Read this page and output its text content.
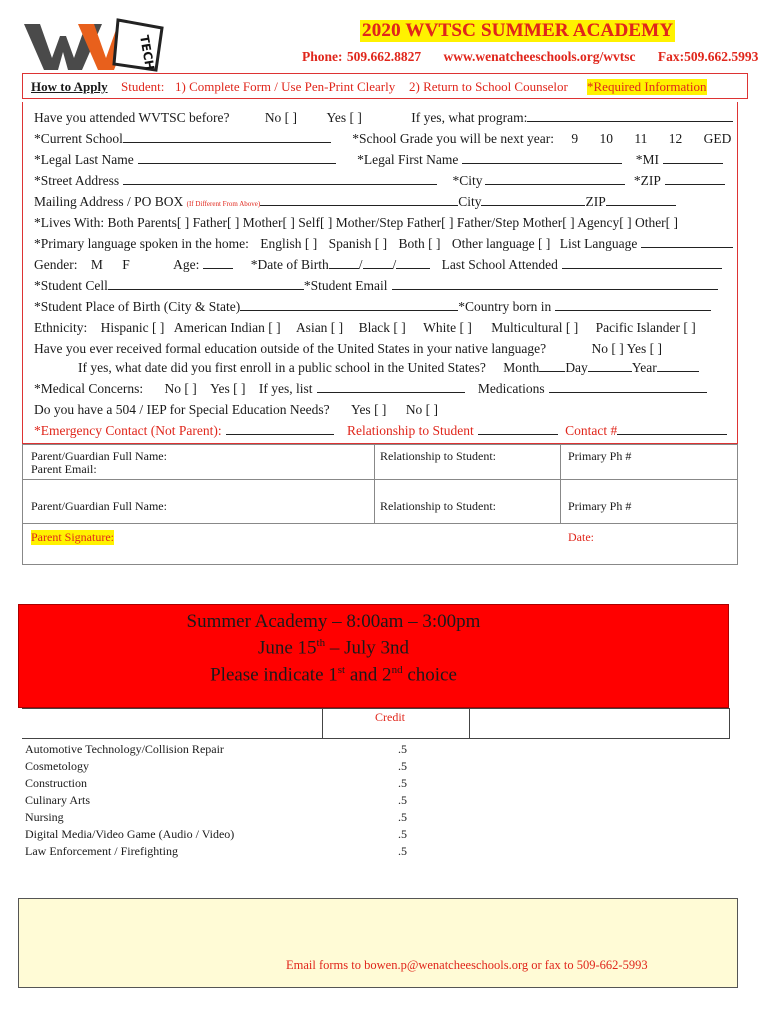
TECH
2020 WVTSC SUMMER ACADEMY
Phone: 509.662.8827 www.wenatcheeschools.org/wvtsc Fax:509.662.5993
How to Apply Student: 1) Complete Form / Use Pen-Print Clearly 2) Return to School Counselor *Required Information
Have you attended WVTSC before?	No [ ] Yes [ ]	If yes, what program:
*Current School	*School Grade you will be next year: 9 10 11 12 GED
*Legal Last Name	*Legal First Name	*MI
*Street Address	*City	*ZIP
Mailing Address / PO BOX (If Different From Above)	City	ZIP
*Lives With: Both Parents[ ] Father[ ] Mother[ ] Self[ ] Mother/Step Father[ ] Father/Step Mother[ ] Agency[ ] Other[ ]
*Primary language spoken in the home: English [ ] Spanish [ ] Both [ ] Other language [ ] List Language
Gender: M F	Age:	*Date of Birth / /	Last School Attended
*Student Cell	*Student Email
*Student Place of Birth (City & State)	*Country born in
Ethnicity: Hispanic [ ] American Indian [ ] Asian [ ] Black [ ] White [ ] Multicultural [ ] Pacific Islander [ ]
Have you ever received formal education outside of the United States in your native language?	No [ ] Yes [ ]
If yes, what date did you first enroll in a public school in the United States? Month Day	Year
*Medical Concerns: No [ ] Yes [ ] If yes, list	Medications
Do you have a 504 / IEP for Special Education Needs? Yes [ ] No [ ]
*Emergency Contact (Not Parent):	Relationship to Student	Contact #
Parent/Guardian Full Name:
Parent Email:
Relationship to Student:	Primary Ph #
Parent/Guardian Full Name:	Relationship to Student:	Primary Ph #
Parent Signature:	Date:
Summer Academy – 8:00am – 3:00pm
June 15th – July 3nd
Please indicate 1st and 2nd choice
Credit
Automotive Technology/Collision Repair	.5
Cosmetology	.5
Construction	.5
Culinary Arts	.5
Nursing	.5
Digital Media/Video Game (Audio / Video)	.5
Law Enforcement / Firefighting	.5
Email forms to bowen.p@wenatcheeschools.org or fax to 509-662-5993
